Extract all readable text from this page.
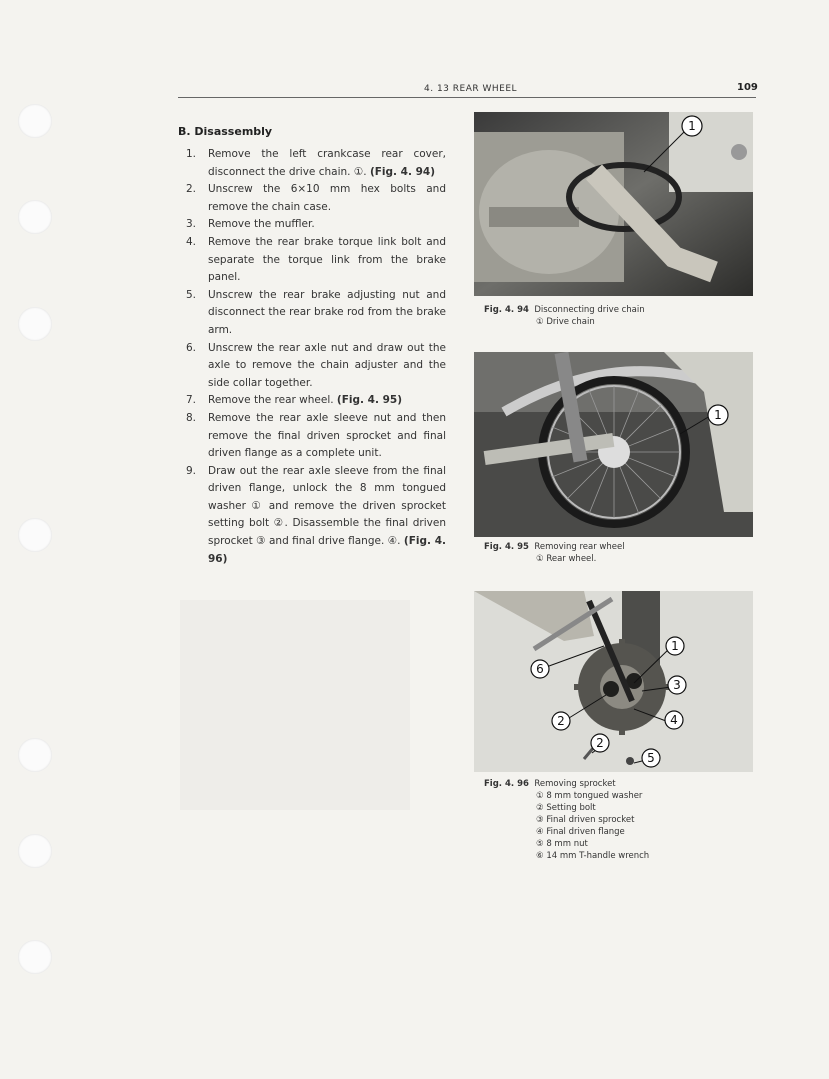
4. 13 REAR WHEEL	109
B. Disassembly
1.	Remove the left crankcase rear cover, disconnect the drive chain. ①. (Fig. 4. 94)
2.	Unscrew the 6×10 mm hex bolts and remove the chain case.
3.	Remove the muffler.
4.	Remove the rear brake torque link bolt and separate the torque link from the brake panel.
5.	Unscrew the rear brake adjusting nut and disconnect the rear brake rod from the brake arm.
6.	Unscrew the rear axle nut and draw out the axle to remove the chain adjuster and the side collar together.
7.	Remove the rear wheel. (Fig. 4. 95)
8.	Remove the rear axle sleeve nut and then remove the final driven sprocket and final driven flange as a complete unit.
9.	Draw out the rear axle sleeve from the final driven flange, unlock the 8 mm tongued washer ① and remove the driven sprocket setting bolt ②. Disassemble the final driven sprocket ③ and final drive flange. ④. (Fig. 4. 96)
1
Fig. 4. 94 Disconnecting drive chain
① Drive chain
1
Fig. 4. 95 Removing rear wheel
① Rear wheel.
1
2
2
3
4
5
6
Fig. 4. 96 Removing sprocket
① 8 mm tongued washer
② Setting bolt
③ Final driven sprocket
④ Final driven flange
⑤ 8 mm nut
⑥ 14 mm T-handle wrench
